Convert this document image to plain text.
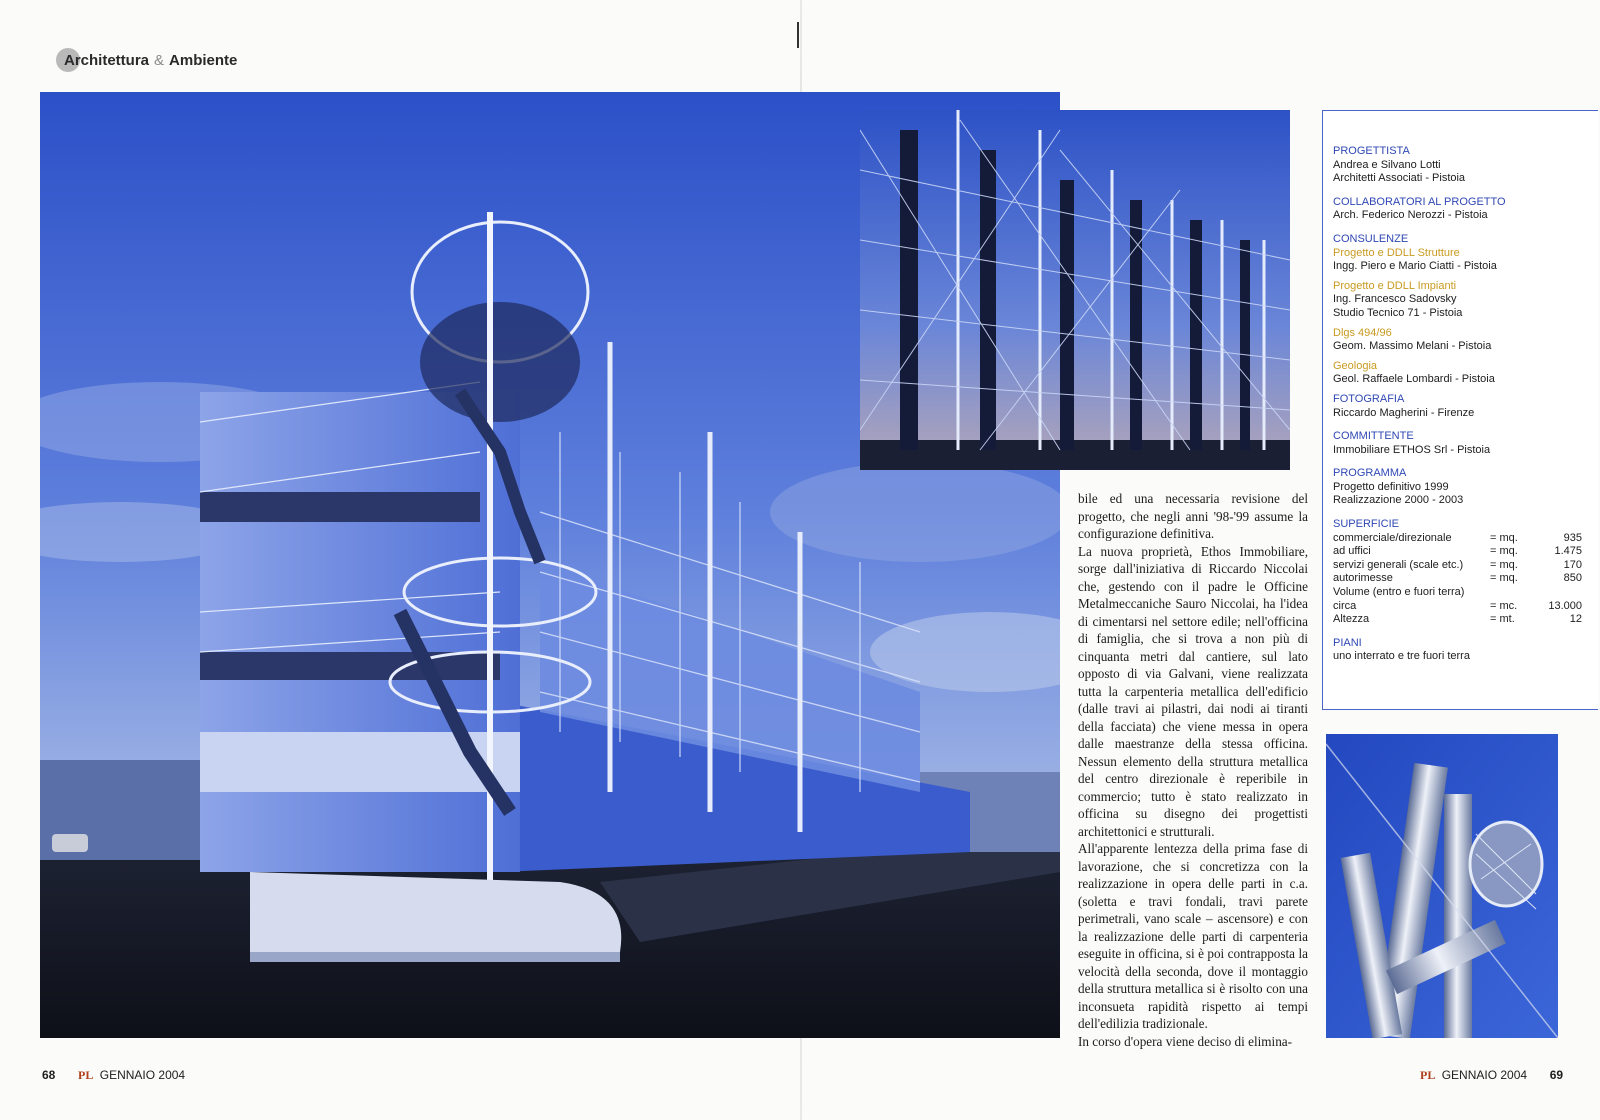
Architettura & Ambiente

bile ed una necessaria revisione del progetto, che negli anni '98-'99 assume la configurazione definitiva.

La nuova proprietà, Ethos Immobiliare, sorge dall'iniziativa di Riccardo Niccolai che, gestendo con il padre le Officine Metalmeccaniche Sauro Niccolai, ha l'idea di cimentarsi nel settore edile; nell'officina di famiglia, che si trova a non più di cinquanta metri dal cantiere, sul lato opposto di via Galvani, viene realizzata tutta la carpenteria metallica dell'edificio (dalle travi ai pilastri, dai nodi ai tiranti della facciata) che viene messa in opera dalle maestranze della stessa officina. Nessun elemento della struttura metallica del centro direzionale è reperibile in commercio; tutto è stato realizzato in officina su disegno dei progettisti architettonici e strutturali.

All'apparente lentezza della prima fase di lavorazione, che si concretizza con la realizzazione in opera delle parti in c.a. (soletta e travi fondali, travi parete perimetrali, vano scale – ascensore) e con la realizzazione delle parti di carpenteria eseguite in officina, si è poi contrapposta la velocità della seconda, dove il montaggio della struttura metallica si è risolto con una inconsueta rapidità rispetto ai tempi dell'edilizia tradizionale.

In corso d'opera viene deciso di elimina-

PROGETTISTA
Andrea e Silvano Lotti
Architetti Associati - Pistoia
COLLABORATORI AL PROGETTO
Arch. Federico Nerozzi - Pistoia
CONSULENZE
Progetto e DDLL Strutture
Ingg. Piero e Mario Ciatti - Pistoia
Progetto e DDLL Impianti
Ing. Francesco Sadovsky
Studio Tecnico 71 - Pistoia
Dlgs 494/96
Geom. Massimo Melani - Pistoia
Geologia
Geol. Raffaele Lombardi - Pistoia
FOTOGRAFIA
Riccardo Magherini - Firenze
COMMITTENTE
Immobiliare ETHOS Srl - Pistoia
PROGRAMMA
Progetto definitivo 1999
Realizzazione 2000 - 2003
SUPERFICIE
commerciale/direzionale	= mq.	935
ad uffici	= mq.	1.475
servizi generali (scale etc.)	= mq.	170
autorimesse	= mq.	850
Volume (entro e fuori terra)
circa	= mc.	13.000
Altezza	= mt.	12
PIANI
uno interrato e tre fuori terra
68 PL GENNAIO 2004	PL GENNAIO 2004 69
